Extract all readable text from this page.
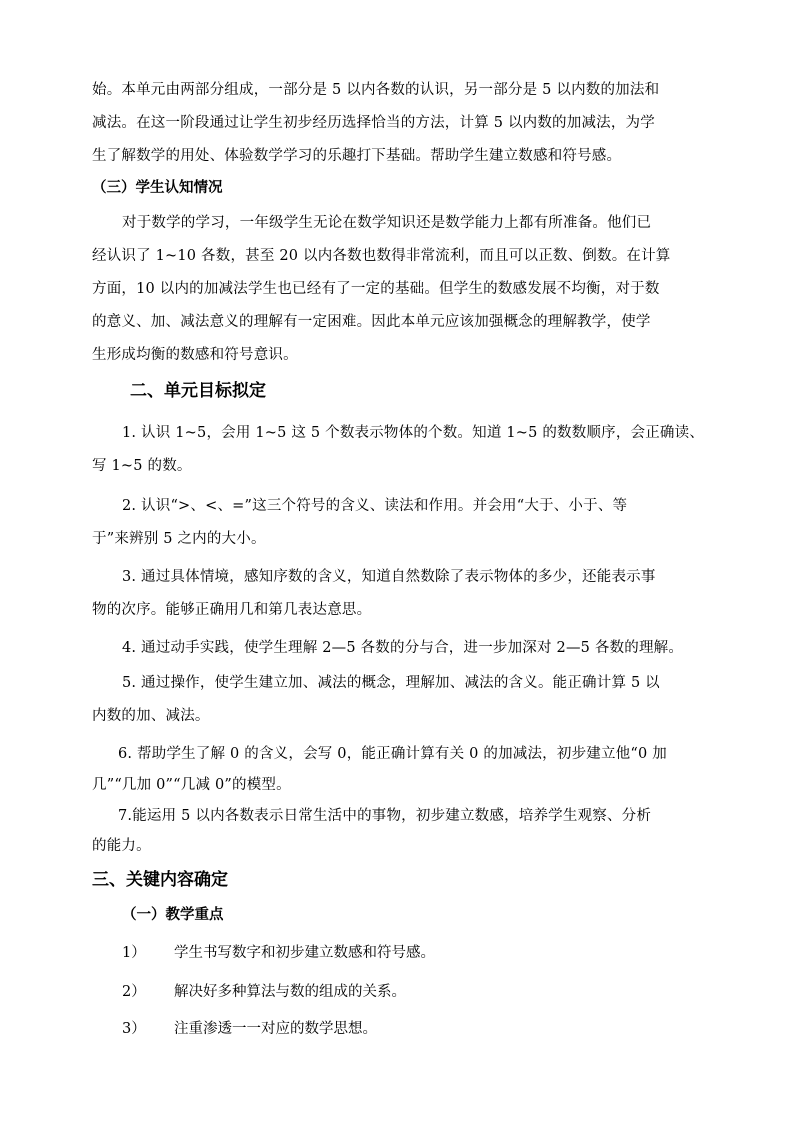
始。本单元由两部分组成，一部分是 5 以内各数的认识，另一部分是 5 以内数的加法和
减法。在这一阶段通过让学生初步经历选择恰当的方法，计算 5 以内数的加减法，为学
生了解数学的用处、体验数学学习的乐趣打下基础。帮助学生建立数感和符号感。
（三）学生认知情况
对于数学的学习，一年级学生无论在数学知识还是数学能力上都有所准备。他们已
经认识了 1~10 各数，甚至 20 以内各数也数得非常流利，而且可以正数、倒数。在计算
方面，10 以内的加减法学生也已经有了一定的基础。但学生的数感发展不均衡，对于数
的意义、加、减法意义的理解有一定困难。因此本单元应该加强概念的理解教学，使学
生形成均衡的数感和符号意识。
二、单元目标拟定
1. 认识 1~5，会用 1~5 这 5 个数表示物体的个数。知道 1~5 的数数顺序，会正确读、
写 1~5 的数。
2. 认识“>、<、=”这三个符号的含义、读法和作用。并会用“大于、小于、等
于”来辨别 5 之内的大小。
3. 通过具体情境，感知序数的含义，知道自然数除了表示物体的多少，还能表示事
物的次序。能够正确用几和第几表达意思。
4. 通过动手实践，使学生理解 2—5 各数的分与合，进一步加深对 2—5 各数的理解。
5. 通过操作，使学生建立加、减法的概念，理解加、减法的含义。能正确计算 5 以
内数的加、减法。
6. 帮助学生了解 0 的含义，会写 0，能正确计算有关 0 的加减法，初步建立他“0 加
几”“几加 0”“几减 0”的模型。
7.能运用 5 以内各数表示日常生活中的事物，初步建立数感，培养学生观察、分析
的能力。
三、关键内容确定
（一）教学重点
1） 学生书写数字和初步建立数感和符号感。
2） 解决好多种算法与数的组成的关系。
3） 注重渗透一一对应的数学思想。
